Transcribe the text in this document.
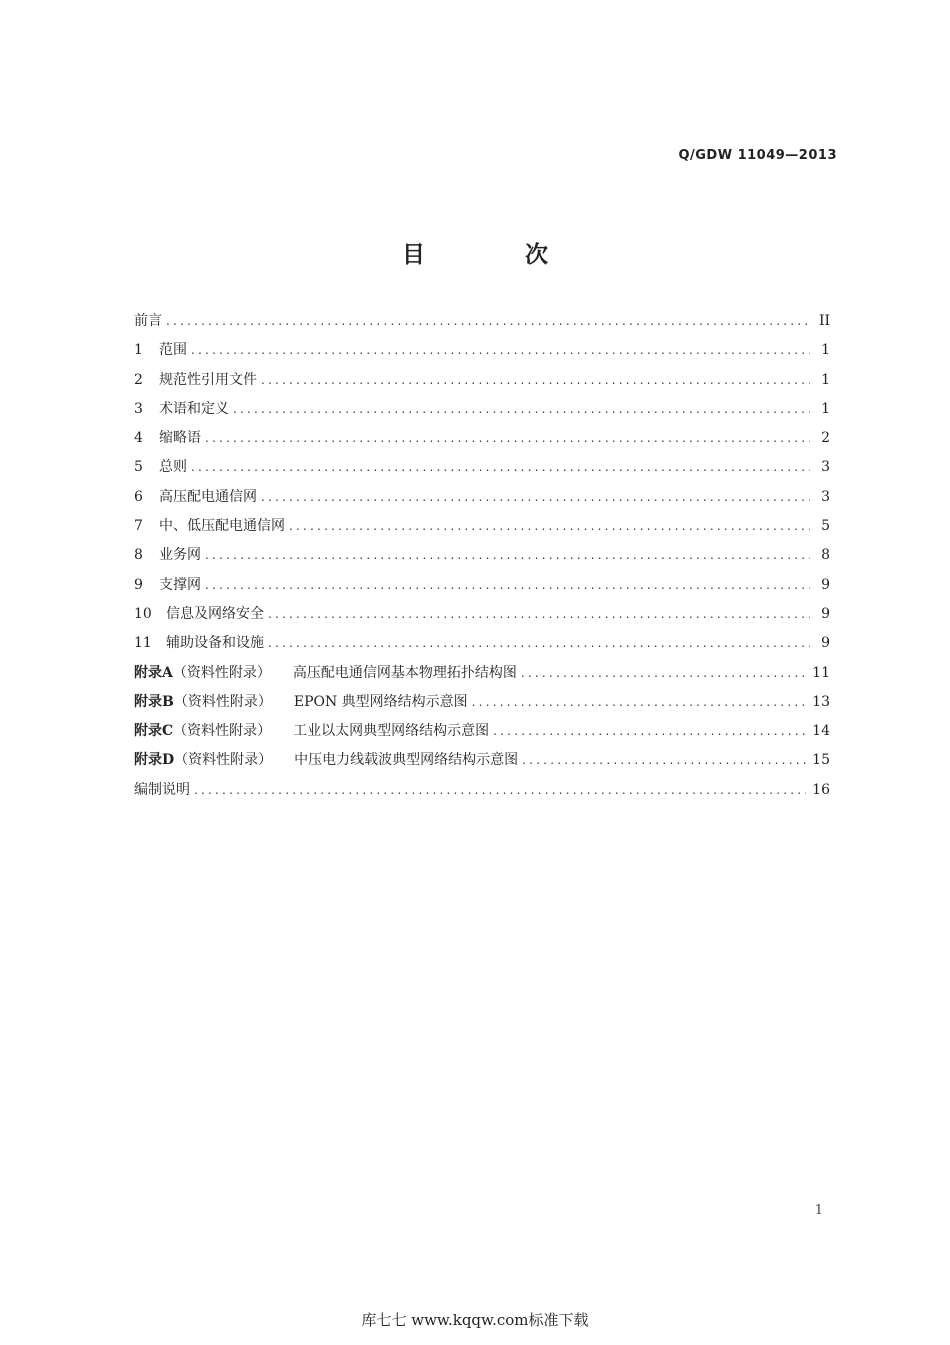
Q/GDW 11049—2013
目	次
前言 .....	II
1	范围 .....	1
2	规范性引用文件 .....	1
3	术语和定义 .....	1
4	缩略语 .....	2
5	总则 .....	3
6	高压配电通信网 .....	3
7	中、低压配电通信网 .....	5
8	业务网 .....	8
9	支撑网 .....	9
10	信息及网络安全 .....	9
11	辅助设备和设施 .....	9
附录A （资料性附录） 高压配电通信网基本物理拓扑结构图 .....	11
附录B （资料性附录） EPON 典型网络结构示意图 .....	13
附录C （资料性附录） 工业以太网典型网络结构示意图 .....	14
附录D （资料性附录） 中压电力线载波典型网络结构示意图 .....	15
编制说明 .....	16
1
库七七 www.kqqw.com标准下载
